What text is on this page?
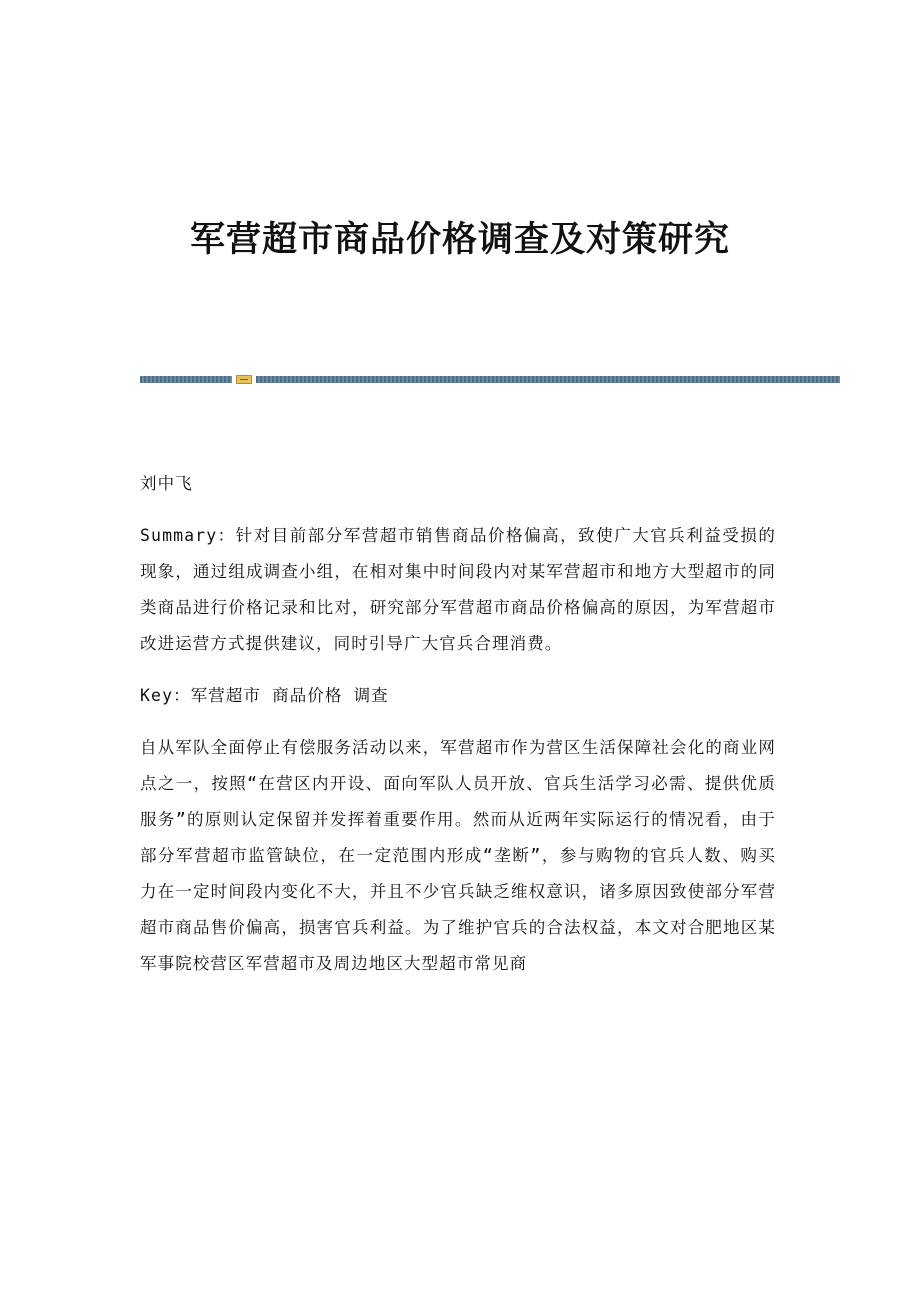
军营超市商品价格调查及对策研究

刘中飞

Summary：针对目前部分军营超市销售商品价格偏高，致使广大官兵利益受损的现象，通过组成调查小组，在相对集中时间段内对某军营超市和地方大型超市的同类商品进行价格记录和比对，研究部分军营超市商品价格偏高的原因，为军营超市改进运营方式提供建议，同时引导广大官兵合理消费。

Key：军营超市 商品价格 调查

自从军队全面停止有偿服务活动以来，军营超市作为营区生活保障社会化的商业网点之一，按照“在营区内开设、面向军队人员开放、官兵生活学习必需、提供优质服务”的原则认定保留并发挥着重要作用。然而从近两年实际运行的情况看，由于部分军营超市监管缺位，在一定范围内形成“垄断”，参与购物的官兵人数、购买力在一定时间段内变化不大，并且不少官兵缺乏维权意识，诸多原因致使部分军营超市商品售价偏高，损害官兵利益。为了维护官兵的合法权益，本文对合肥地区某军事院校营区军营超市及周边地区大型超市常见商
